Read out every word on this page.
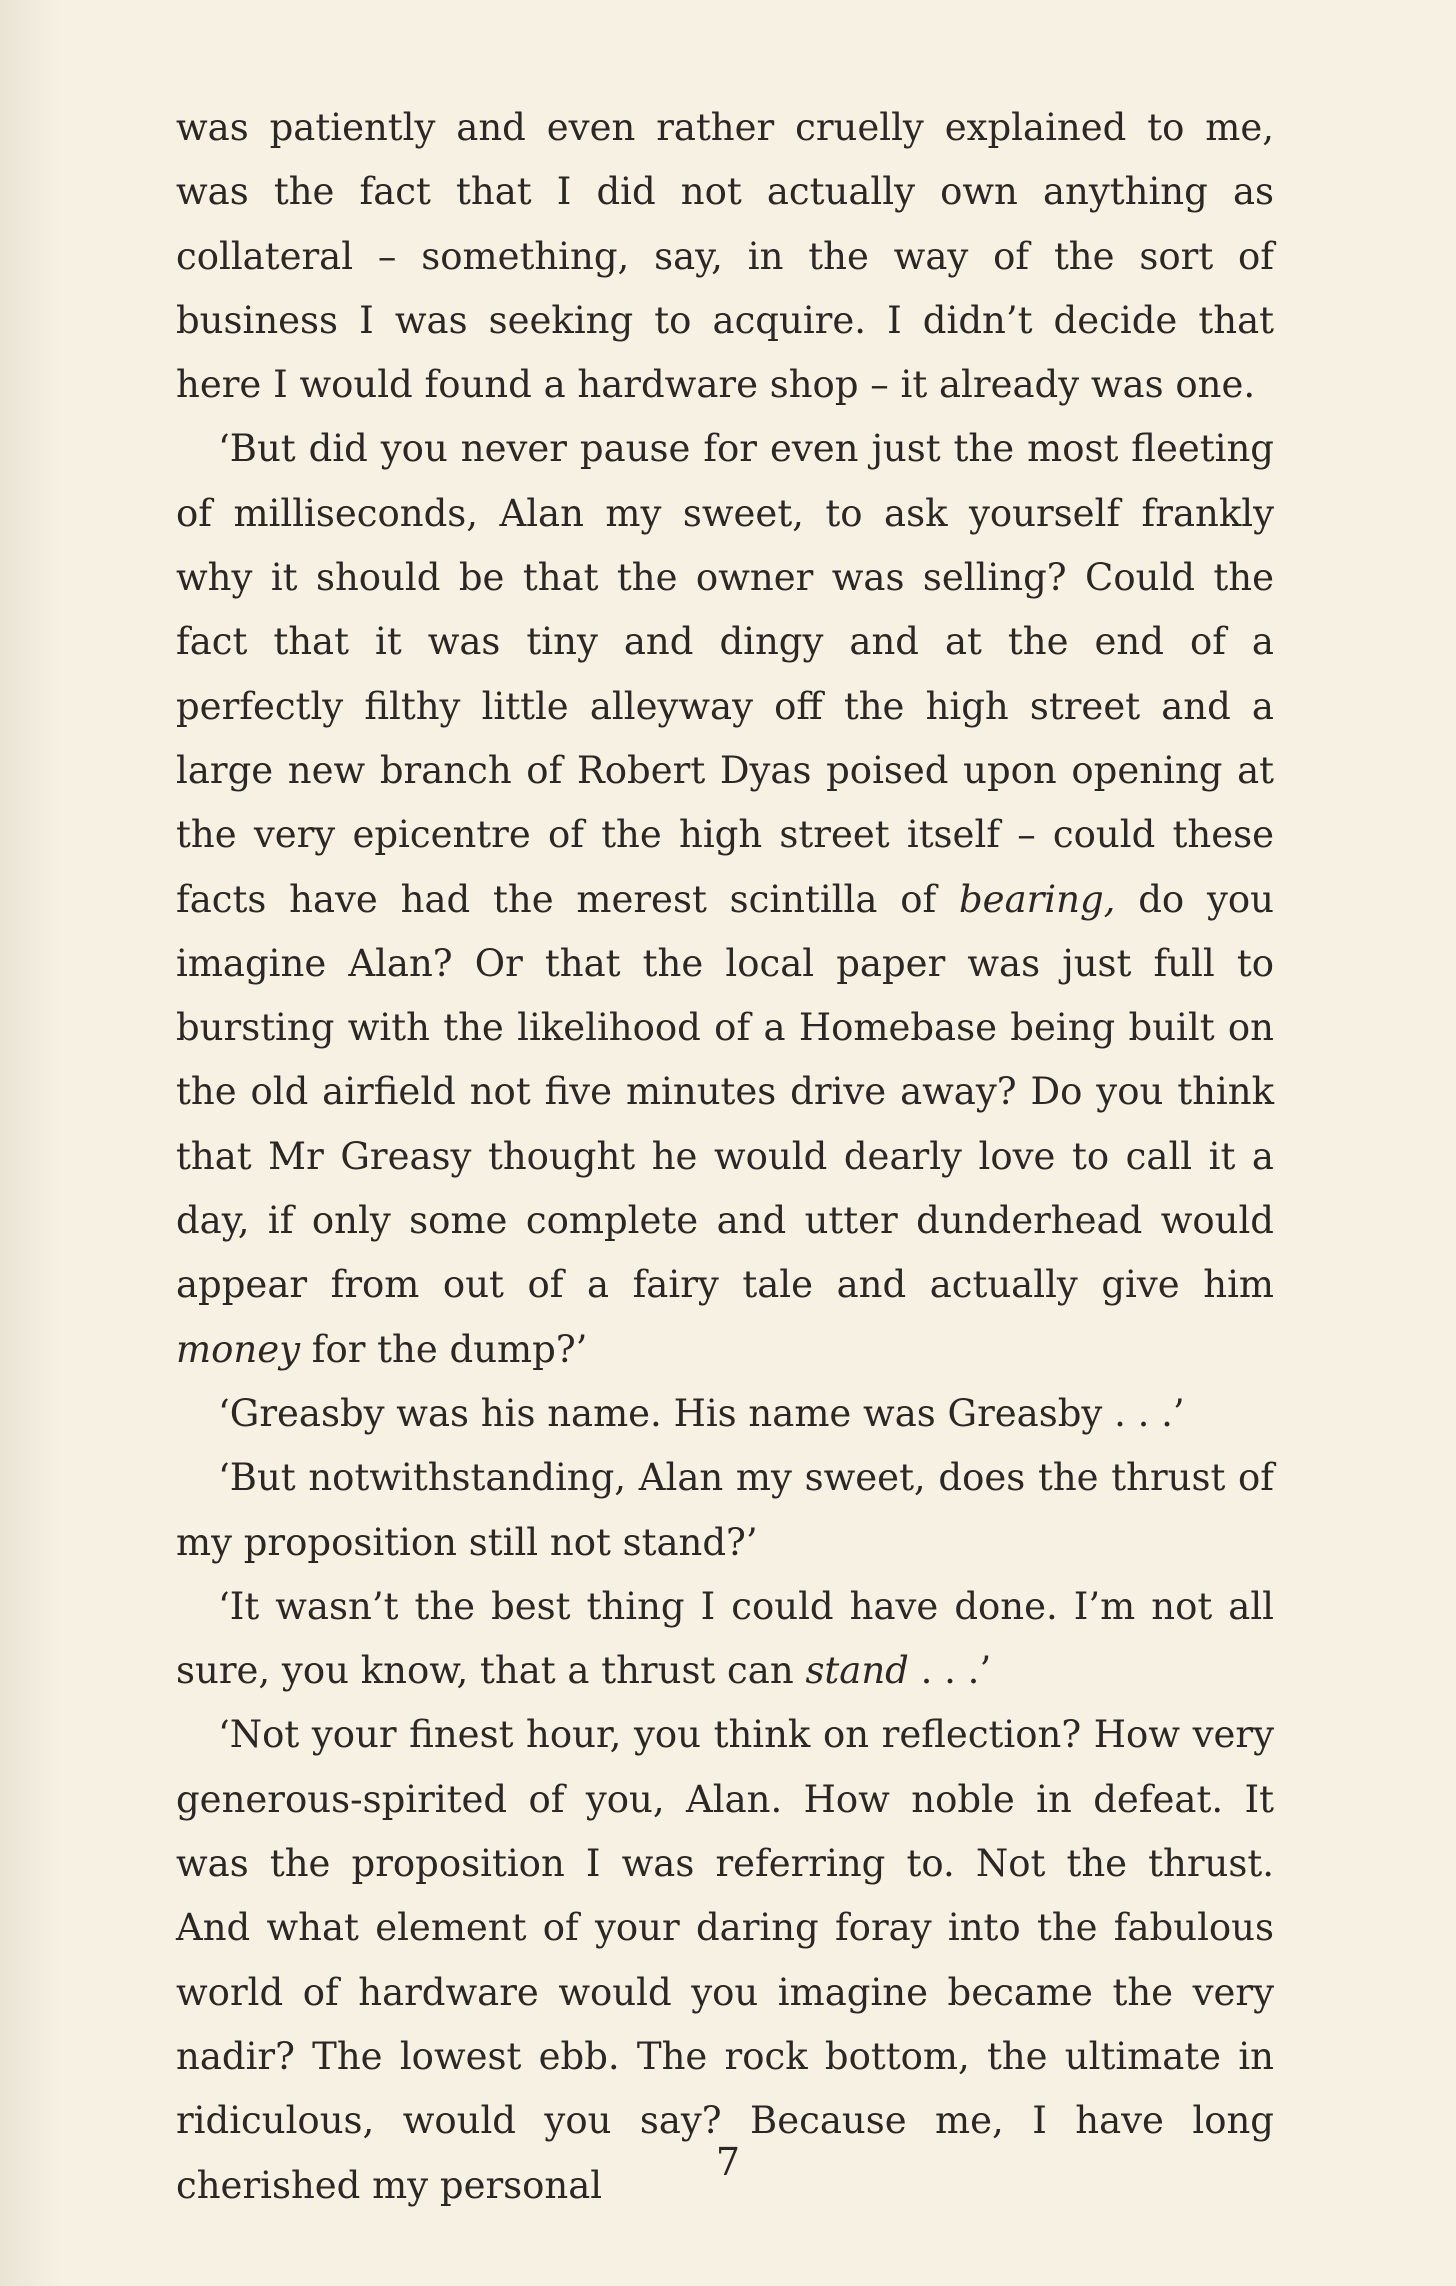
was patiently and even rather cruelly explained to me, was the fact that I did not actually own anything as collateral – something, say, in the way of the sort of business I was seeking to acquire. I didn’t decide that here I would found a hardware shop – it already was one.

‘But did you never pause for even just the most fleeting of milliseconds, Alan my sweet, to ask yourself frankly why it should be that the owner was selling? Could the fact that it was tiny and dingy and at the end of a perfectly filthy little alleyway off the high street and a large new branch of Robert Dyas poised upon opening at the very epicentre of the high street itself – could these facts have had the merest scintilla of bearing, do you imagine Alan? Or that the local paper was just full to bursting with the likelihood of a Homebase being built on the old airfield not five minutes drive away? Do you think that Mr Greasy thought he would dearly love to call it a day, if only some complete and utter dunderhead would appear from out of a fairy tale and actually give him money for the dump?’

‘Greasby was his name. His name was Greasby . . .’

‘But notwithstanding, Alan my sweet, does the thrust of my proposition still not stand?’

‘It wasn’t the best thing I could have done. I’m not all sure, you know, that a thrust can stand . . .’

‘Not your finest hour, you think on reflection? How very generous-spirited of you, Alan. How noble in defeat. It was the proposition I was referring to. Not the thrust. And what element of your daring foray into the fabulous world of hardware would you imagine became the very nadir? The lowest ebb. The rock bottom, the ultimate in ridiculous, would you say? Because me, I have long cherished my personal

7
